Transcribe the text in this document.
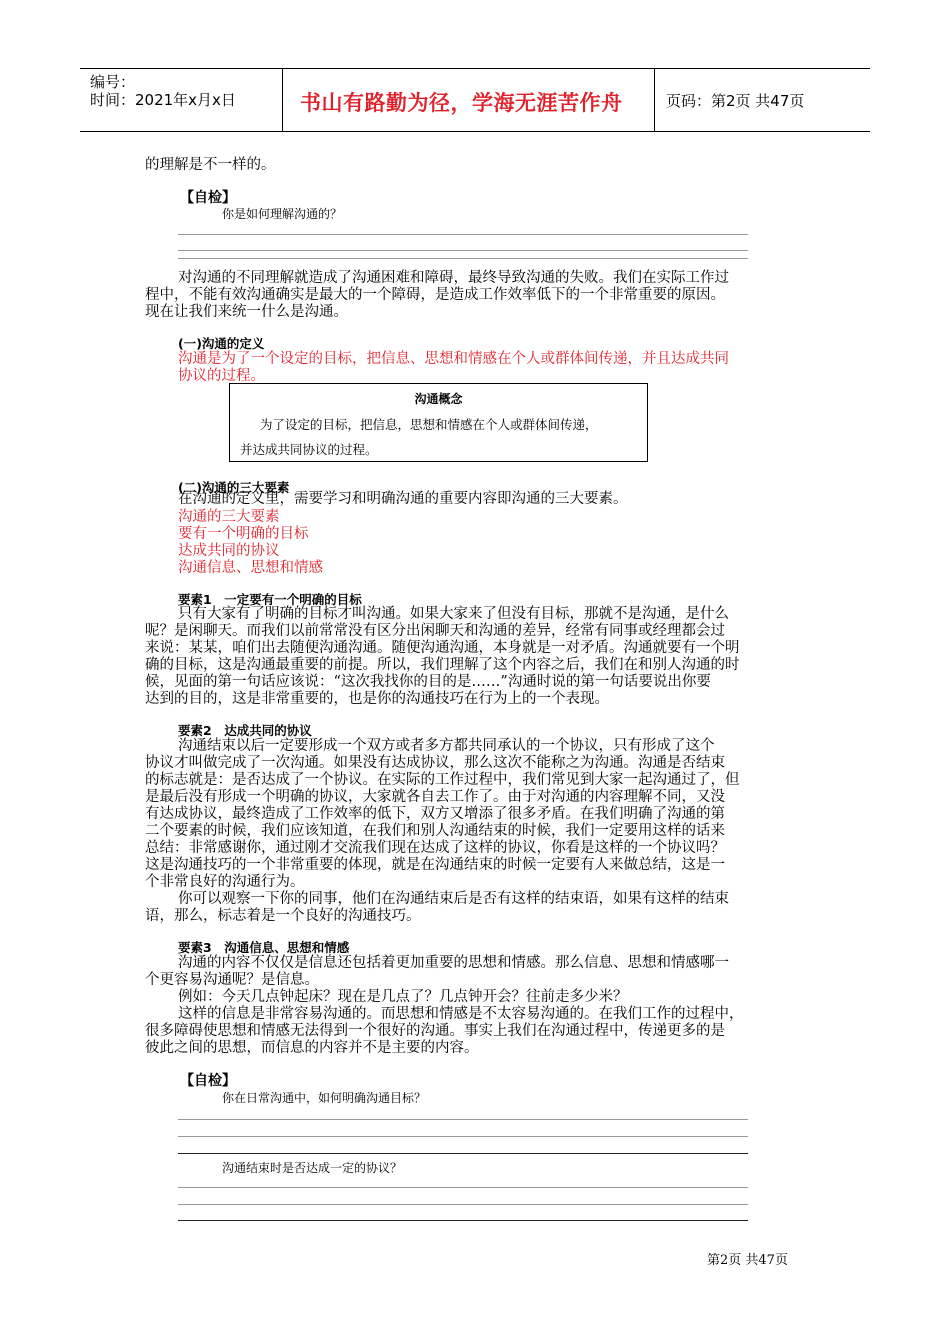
编号：
时间：2021年x月x日	书山有路勤为径，学海无涯苦作舟	页码：第2页 共47页
的理解是不一样的。
【自检】
你是如何理解沟通的？
对沟通的不同理解就造成了沟通困难和障碍，最终导致沟通的失败。我们在实际工作过
程中，不能有效沟通确实是最大的一个障碍，是造成工作效率低下的一个非常重要的原因。
现在让我们来统一什么是沟通。
(一)沟通的定义
沟通是为了一个设定的目标，把信息、思想和情感在个人或群体间传递，并且达成共同
协议的过程。
沟通概念
为了设定的目标，把信息，思想和情感在个人或群体间传递，
并达成共同协议的过程。
(二)沟通的三大要素
在沟通的定义里，需要学习和明确沟通的重要内容即沟通的三大要素。
沟通的三大要素
要有一个明确的目标
达成共同的协议
沟通信息、思想和情感
要素1　一定要有一个明确的目标
只有大家有了明确的目标才叫沟通。如果大家来了但没有目标，那就不是沟通，是什么
呢？是闲聊天。而我们以前常常没有区分出闲聊天和沟通的差异，经常有同事或经理都会过
来说：某某，咱们出去随便沟通沟通。随便沟通沟通，本身就是一对矛盾。沟通就要有一个明
确的目标，这是沟通最重要的前提。所以，我们理解了这个内容之后，我们在和别人沟通的时
候，见面的第一句话应该说：“这次我找你的目的是……”沟通时说的第一句话要说出你要
达到的目的，这是非常重要的，也是你的沟通技巧在行为上的一个表现。
要素2　达成共同的协议
沟通结束以后一定要形成一个双方或者多方都共同承认的一个协议，只有形成了这个
协议才叫做完成了一次沟通。如果没有达成协议，那么这次不能称之为沟通。沟通是否结束
的标志就是：是否达成了一个协议。在实际的工作过程中，我们常见到大家一起沟通过了，但
是最后没有形成一个明确的协议，大家就各自去工作了。由于对沟通的内容理解不同，又没
有达成协议，最终造成了工作效率的低下，双方又增添了很多矛盾。在我们明确了沟通的第
二个要素的时候，我们应该知道，在我们和别人沟通结束的时候，我们一定要用这样的话来
总结：非常感谢你，通过刚才交流我们现在达成了这样的协议，你看是这样的一个协议吗？
这是沟通技巧的一个非常重要的体现，就是在沟通结束的时候一定要有人来做总结，这是一
个非常良好的沟通行为。
你可以观察一下你的同事，他们在沟通结束后是否有这样的结束语，如果有这样的结束
语，那么，标志着是一个良好的沟通技巧。
要素3　沟通信息、思想和情感
沟通的内容不仅仅是信息还包括着更加重要的思想和情感。那么信息、思想和情感哪一
个更容易沟通呢？是信息。
例如：今天几点钟起床？现在是几点了？几点钟开会？往前走多少米？
这样的信息是非常容易沟通的。而思想和情感是不太容易沟通的。在我们工作的过程中，
很多障碍使思想和情感无法得到一个很好的沟通。事实上我们在沟通过程中，传递更多的是
彼此之间的思想，而信息的内容并不是主要的内容。
【自检】
你在日常沟通中，如何明确沟通目标？
沟通结束时是否达成一定的协议？
第2页 共47页
